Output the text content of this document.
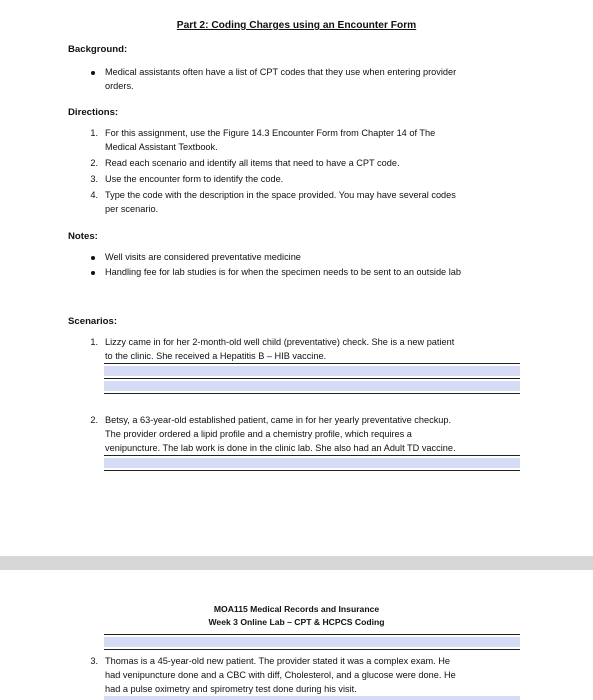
Part 2: Coding Charges using an Encounter Form
Background:
Medical assistants often have a list of CPT codes that they use when entering provider
orders.
Directions:
1. For this assignment, use the Figure 14.3 Encounter Form from Chapter 14 of The
Medical Assistant Textbook.
2. Read each scenario and identify all items that need to have a CPT code.
3. Use the encounter form to identify the code.
4. Type the code with the description in the space provided. You may have several codes
per scenario.
Notes:
Well visits are considered preventative medicine
Handling fee for lab studies is for when the specimen needs to be sent to an outside lab
Scenarios:
1. Lizzy came in for her 2-month-old well child (preventative) check. She is a new patient
to the clinic. She received a Hepatitis B – HIB vaccine.
2. Betsy, a 63-year-old established patient, came in for her yearly preventative checkup.
The provider ordered a lipid profile and a chemistry profile, which requires a
venipuncture. The lab work is done in the clinic lab. She also had an Adult TD vaccine.
MOA115 Medical Records and Insurance
Week 3 Online Lab – CPT & HCPCS Coding
3. Thomas is a 45-year-old new patient. The provider stated it was a complex exam. He
had venipuncture done and a CBC with diff, Cholesterol, and a glucose were done. He
had a pulse oximetry and spirometry test done during his visit.
